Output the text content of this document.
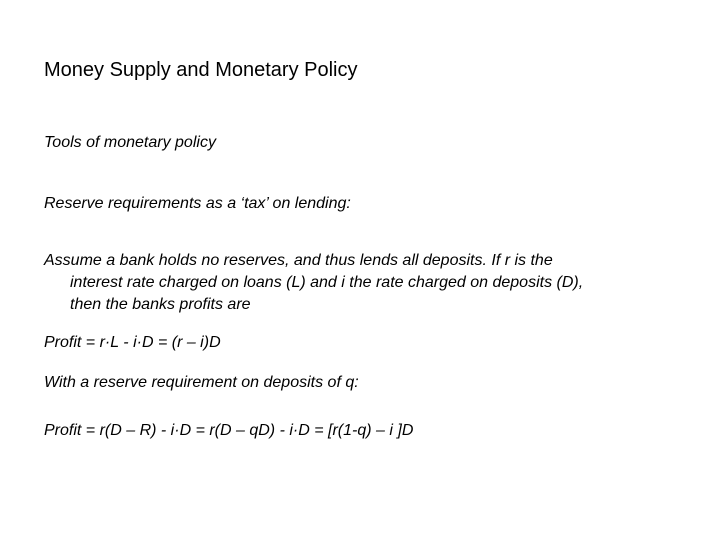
Money Supply and Monetary Policy
Tools of monetary policy
Reserve requirements as a ‘tax’ on lending:
Assume a bank holds no reserves, and thus lends all deposits. If r is the
interest rate charged on loans (L) and i the rate charged on deposits (D),
then the banks profits are
Profit = r·L - i·D = (r – i)D
With a reserve requirement on deposits of q:
Profit = r(D – R) - i·D = r(D – qD) - i·D = [r(1-q) – i ]D
